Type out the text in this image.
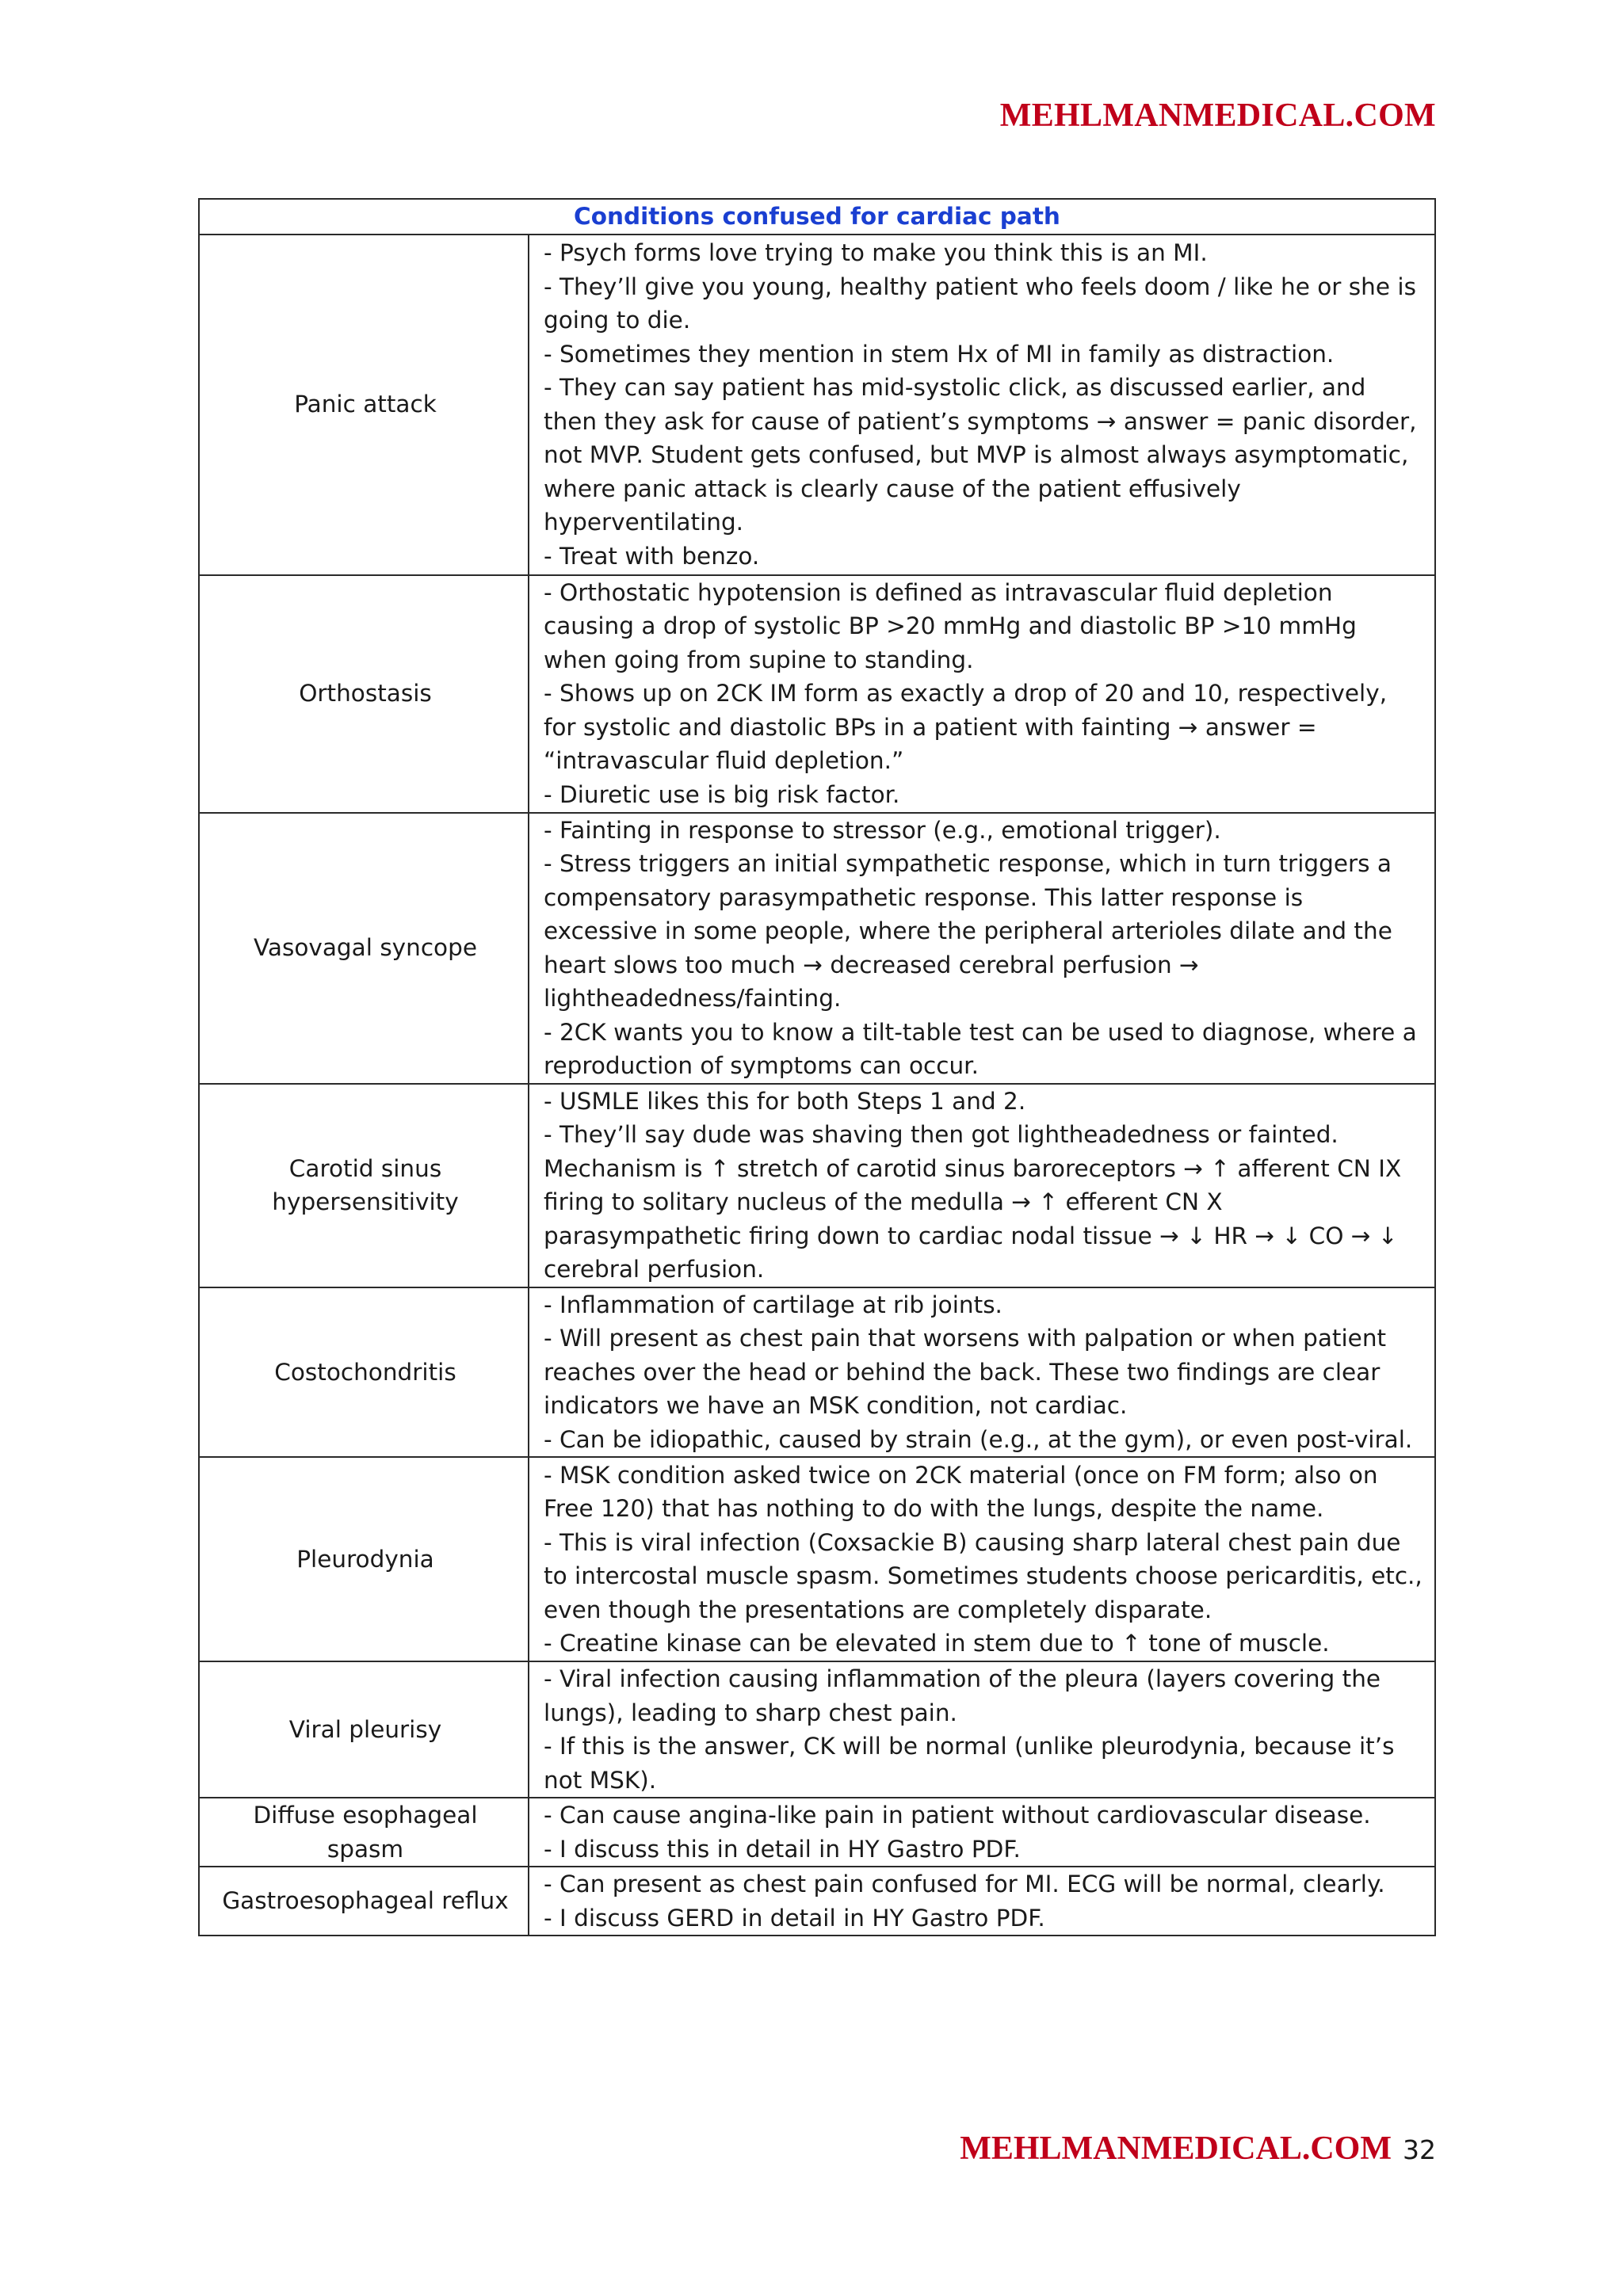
MEHLMANMEDICAL.COM
Conditions confused for cardiac path	
Panic attack	- Psych forms love trying to make you think this is an MI.
- They’ll give you young, healthy patient who feels doom / like he or she is going to die.
- Sometimes they mention in stem Hx of MI in family as distraction.
- They can say patient has mid-systolic click, as discussed earlier, and then they ask for cause of patient’s symptoms → answer = panic disorder, not MVP. Student gets confused, but MVP is almost always asymptomatic, where panic attack is clearly cause of the patient effusively hyperventilating.
- Treat with benzo.

Orthostasis	- Orthostatic hypotension is defined as intravascular fluid depletion causing a drop of systolic BP >20 mmHg and diastolic BP >10 mmHg when going from supine to standing.
- Shows up on 2CK IM form as exactly a drop of 20 and 10, respectively, for systolic and diastolic BPs in a patient with fainting → answer = “intravascular fluid depletion.”
- Diuretic use is big risk factor.

Vasovagal syncope	- Fainting in response to stressor (e.g., emotional trigger).
- Stress triggers an initial sympathetic response, which in turn triggers a compensatory parasympathetic response. This latter response is excessive in some people, where the peripheral arterioles dilate and the heart slows too much → decreased cerebral perfusion → lightheadedness/fainting.
- 2CK wants you to know a tilt-table test can be used to diagnose, where a reproduction of symptoms can occur.

Carotid sinus hypersensitivity	- USMLE likes this for both Steps 1 and 2.
- They’ll say dude was shaving then got lightheadedness or fainted. Mechanism is ↑ stretch of carotid sinus baroreceptors → ↑ afferent CN IX firing to solitary nucleus of the medulla → ↑ efferent CN X parasympathetic firing down to cardiac nodal tissue → ↓ HR → ↓ CO → ↓ cerebral perfusion.

Costochondritis	- Inflammation of cartilage at rib joints.
- Will present as chest pain that worsens with palpation or when patient reaches over the head or behind the back. These two findings are clear indicators we have an MSK condition, not cardiac.
- Can be idiopathic, caused by strain (e.g., at the gym), or even post-viral.

Pleurodynia	- MSK condition asked twice on 2CK material (once on FM form; also on Free 120) that has nothing to do with the lungs, despite the name.
- This is viral infection (Coxsackie B) causing sharp lateral chest pain due to intercostal muscle spasm. Sometimes students choose pericarditis, etc., even though the presentations are completely disparate.
- Creatine kinase can be elevated in stem due to ↑ tone of muscle.

Viral pleurisy	- Viral infection causing inflammation of the pleura (layers covering the lungs), leading to sharp chest pain.
- If this is the answer, CK will be normal (unlike pleurodynia, because it’s not MSK).

Diffuse esophageal spasm	- Can cause angina-like pain in patient without cardiovascular disease.
- I discuss this in detail in HY Gastro PDF.

Gastroesophageal reflux	- Can present as chest pain confused for MI. ECG will be normal, clearly.
- I discuss GERD in detail in HY Gastro PDF.
MEHLMANMEDICAL.COM 32
